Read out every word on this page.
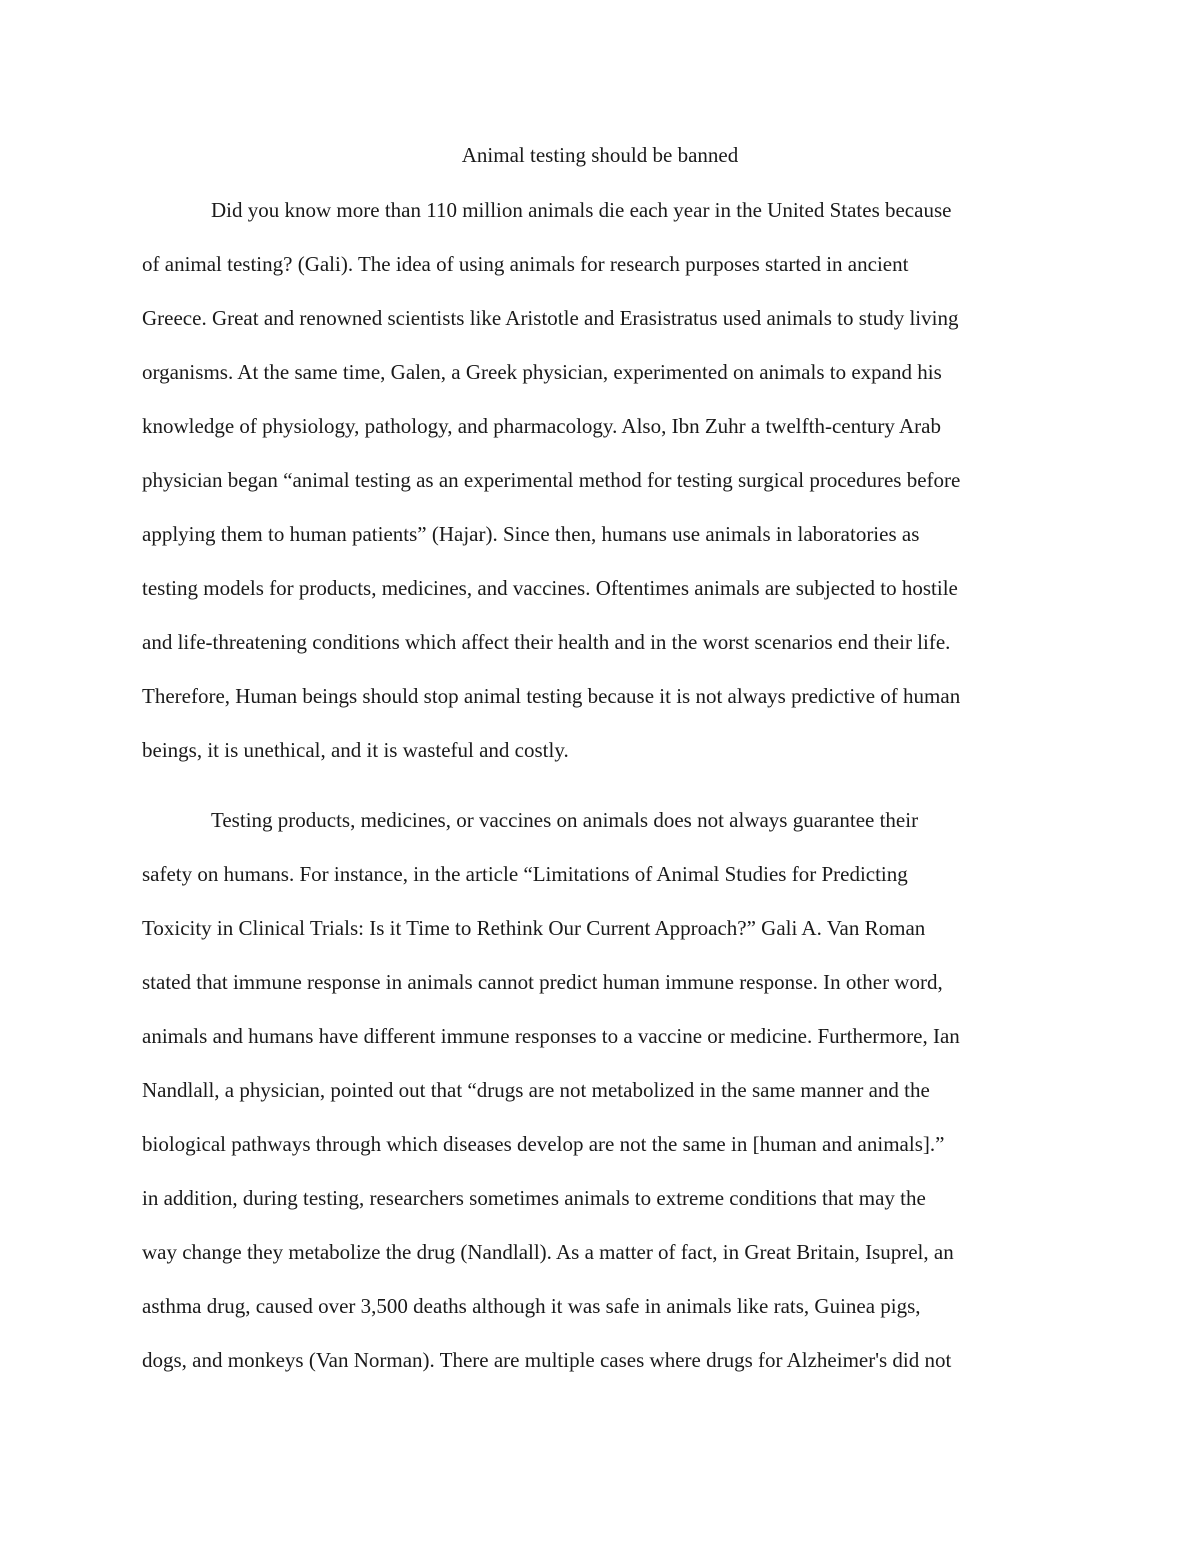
Animal testing should be banned

Did you know more than 110 million animals die each year in the United States because

of animal testing? (Gali). The idea of using animals for research purposes started in ancient

Greece. Great and renowned scientists like Aristotle and Erasistratus used animals to study living

organisms. At the same time, Galen, a Greek physician, experimented on animals to expand his

knowledge of physiology, pathology, and pharmacology. Also, Ibn Zuhr a twelfth-century Arab

physician began “animal testing as an experimental method for testing surgical procedures before

applying them to human patients” (Hajar). Since then, humans use animals in laboratories as

testing models for products, medicines, and vaccines. Oftentimes animals are subjected to hostile

and life-threatening conditions which affect their health and in the worst scenarios end their life.

Therefore, Human beings should stop animal testing because it is not always predictive of human

beings, it is unethical, and it is wasteful and costly.

Testing products, medicines, or vaccines on animals does not always guarantee their

safety on humans. For instance, in the article “Limitations of Animal Studies for Predicting

Toxicity in Clinical Trials: Is it Time to Rethink Our Current Approach?” Gali A. Van Roman

stated that immune response in animals cannot predict human immune response. In other word,

animals and humans have different immune responses to a vaccine or medicine. Furthermore, Ian

Nandlall, a physician, pointed out that “drugs are not metabolized in the same manner and the

biological pathways through which diseases develop are not the same in [human and animals].”

in addition, during testing, researchers sometimes animals to extreme conditions that may the

way change they metabolize the drug (Nandlall). As a matter of fact, in Great Britain, Isuprel, an

asthma drug, caused over 3,500 deaths although it was safe in animals like rats, Guinea pigs,

dogs, and monkeys (Van Norman). There are multiple cases where drugs for Alzheimer's did not
